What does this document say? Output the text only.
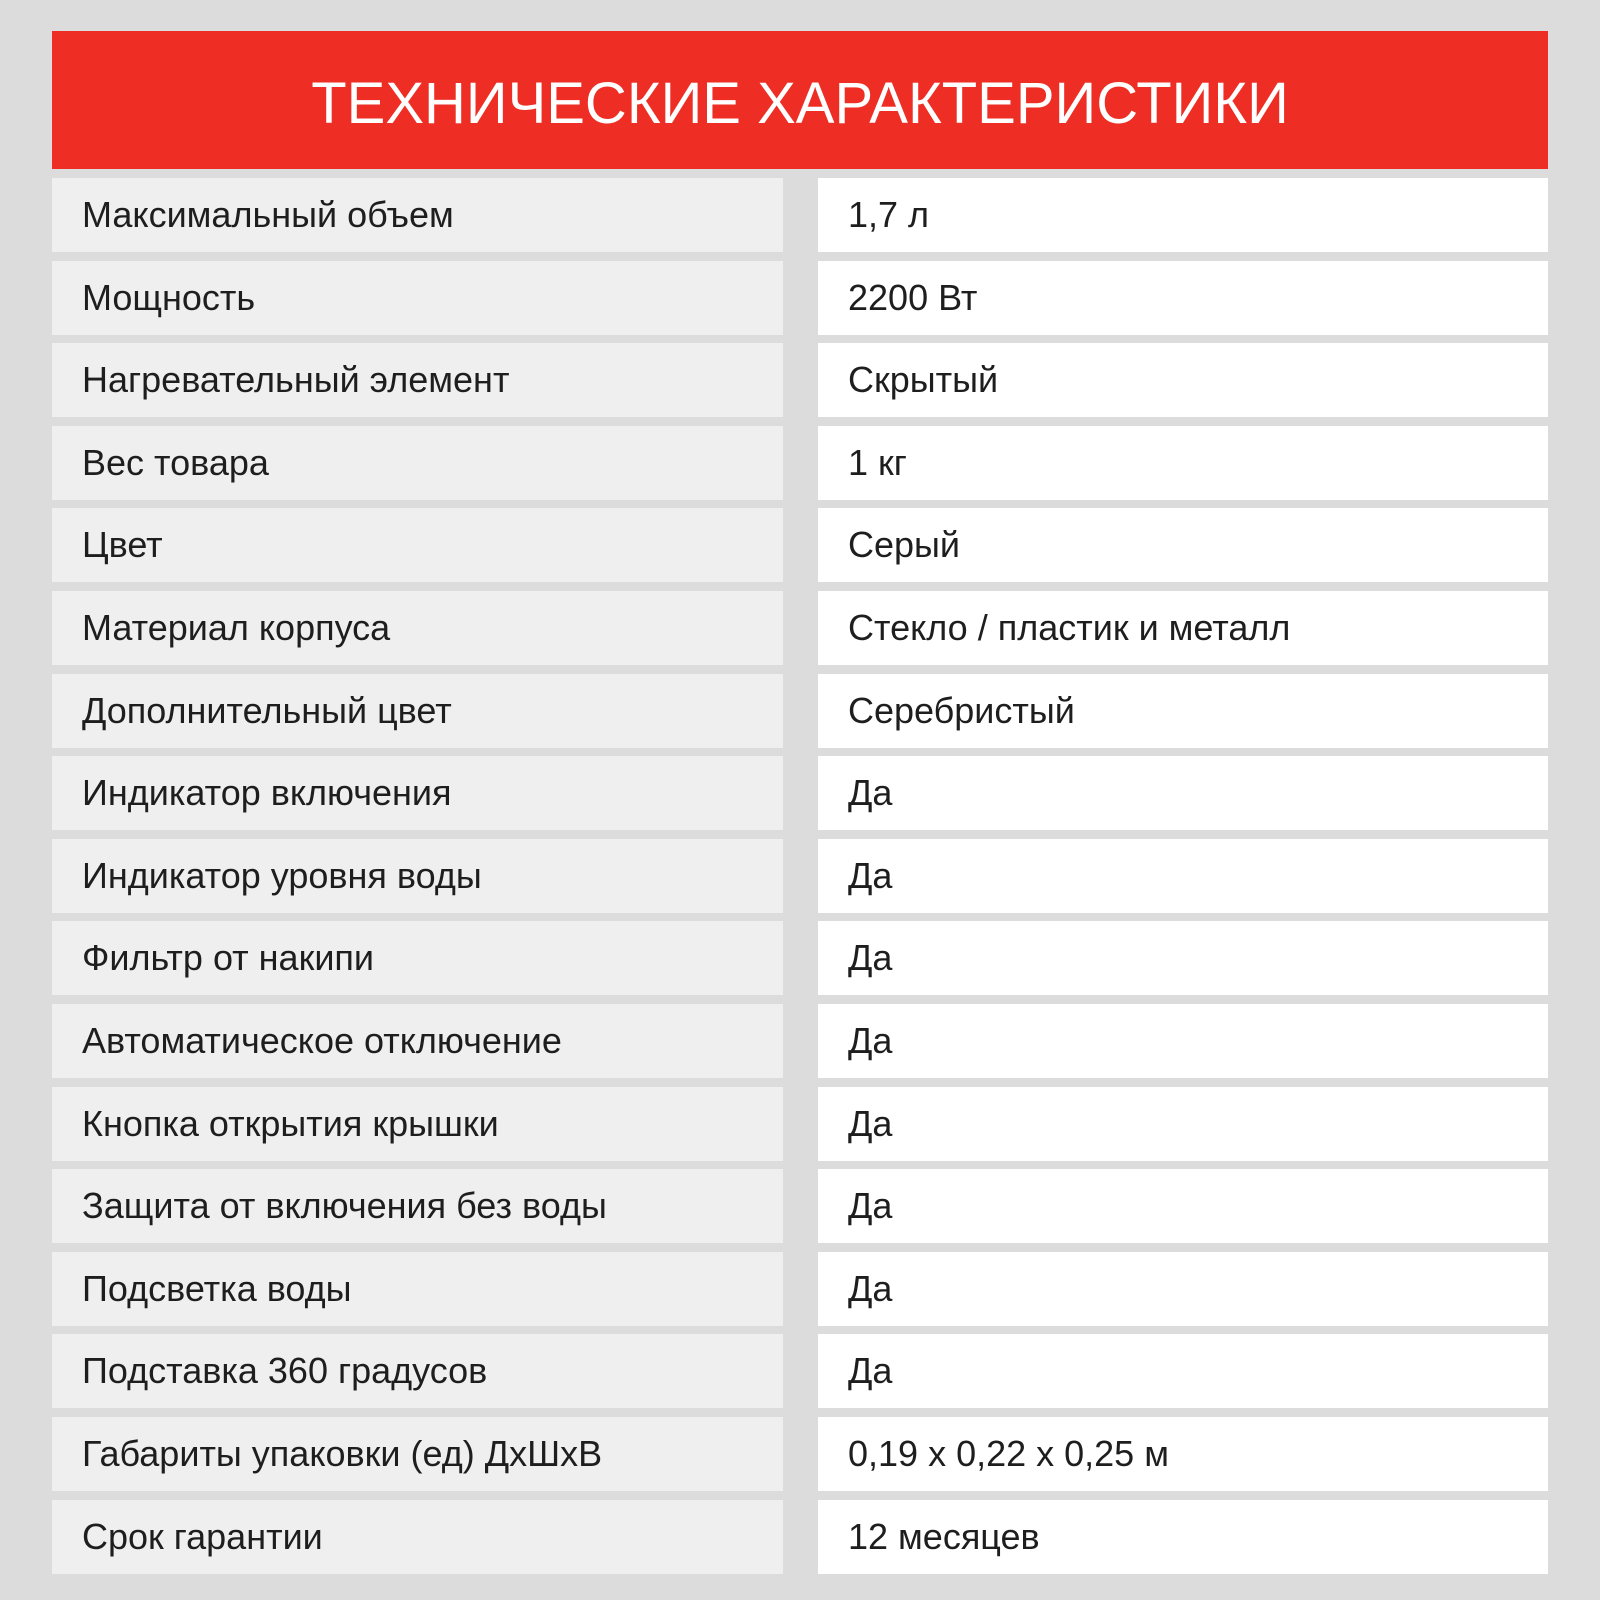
ТЕХНИЧЕСКИЕ ХАРАКТЕРИСТИКИ
Максимальный объем	1,7 л
Мощность	2200 Вт
Нагревательный элемент	Скрытый
Вес товара	1 кг
Цвет	Серый
Материал корпуса	Стекло / пластик и металл
Дополнительный цвет	Серебристый
Индикатор включения	Да
Индикатор уровня воды	Да
Фильтр от накипи	Да
Автоматическое отключение	Да
Кнопка открытия крышки	Да
Защита от включения без воды	Да
Подсветка воды	Да
Подставка 360 градусов	Да
Габариты упаковки (ед) ДхШхВ	0,19 х 0,22 х 0,25 м
Срок гарантии	12 месяцев
